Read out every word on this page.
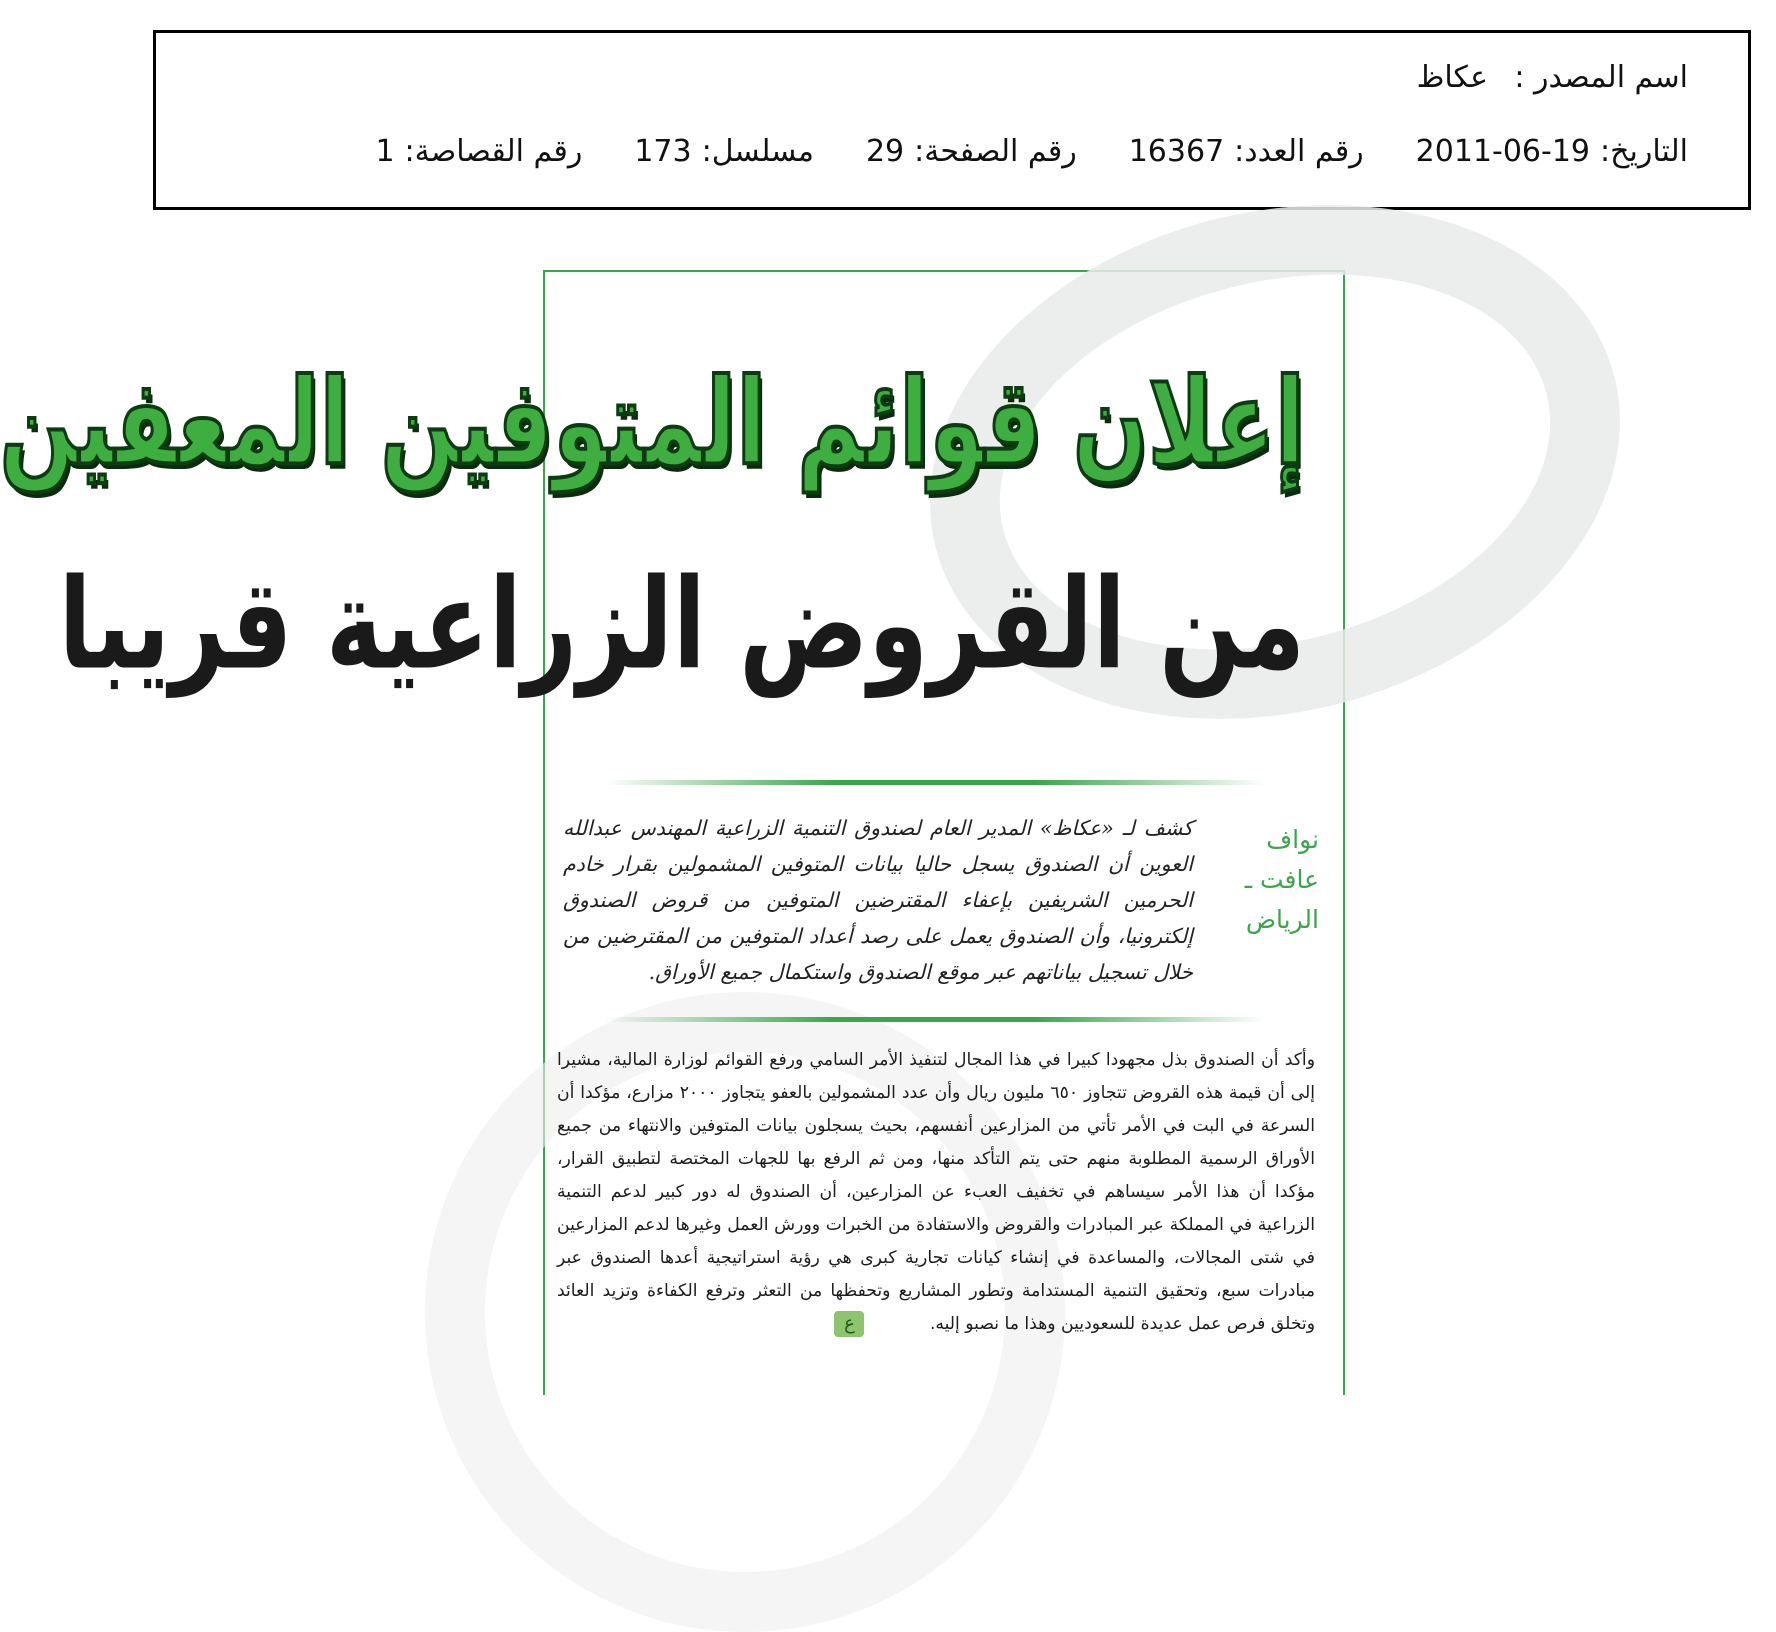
اسم المصدر :
عكاظ
التاريخ:
2011-06-19
رقم العدد:
16367
رقم الصفحة:
29
مسلسل:
173
رقم القصاصة:
1
إعلان قوائم المتوفين المعفين
من القروض الزراعية قريبا
نواف
عافت ـ
الرياض
كشف لـ «عكاظ» المدير العام لصندوق التنمية الزراعية المهندس عبدالله العوين أن الصندوق يسجل حاليا بيانات المتوفين المشمولين بقرار خادم الحرمين الشريفين بإعفاء المقترضين المتوفين من قروض الصندوق إلكترونيا، وأن الصندوق يعمل على رصد أعداد المتوفين من المقترضين من خلال تسجيل بياناتهم عبر موقع الصندوق واستكمال جميع الأوراق.
وأكد أن الصندوق بذل مجهودا كبيرا في هذا المجال لتنفيذ الأمر السامي ورفع القوائم لوزارة المالية، مشيرا إلى أن قيمة هذه القروض تتجاوز ٦٥٠ مليون ريال وأن عدد المشمولين بالعفو يتجاوز ٢٠٠٠ مزارع، مؤكدا أن السرعة في البت في الأمر تأتي من المزارعين أنفسهم، بحيث يسجلون بيانات المتوفين والانتهاء من جميع الأوراق الرسمية المطلوبة منهم حتى يتم التأكد منها، ومن ثم الرفع بها للجهات المختصة لتطبيق القرار، مؤكدا أن هذا الأمر سيساهم في تخفيف العبء عن المزارعين، أن الصندوق له دور كبير لدعم التنمية الزراعية في المملكة عبر المبادرات والقروض والاستفادة من الخبرات وورش العمل وغيرها لدعم المزارعين في شتى المجالات، والمساعدة في إنشاء كيانات تجارية كبرى هي رؤية استراتيجية أعدها الصندوق عبر مبادرات سبع، وتحقيق التنمية المستدامة وتطور المشاريع وتحفظها من التعثر وترفع الكفاءة وتزيد العائد وتخلق فرص عمل عديدة للسعوديين وهذا ما نصبو إليه. ع
